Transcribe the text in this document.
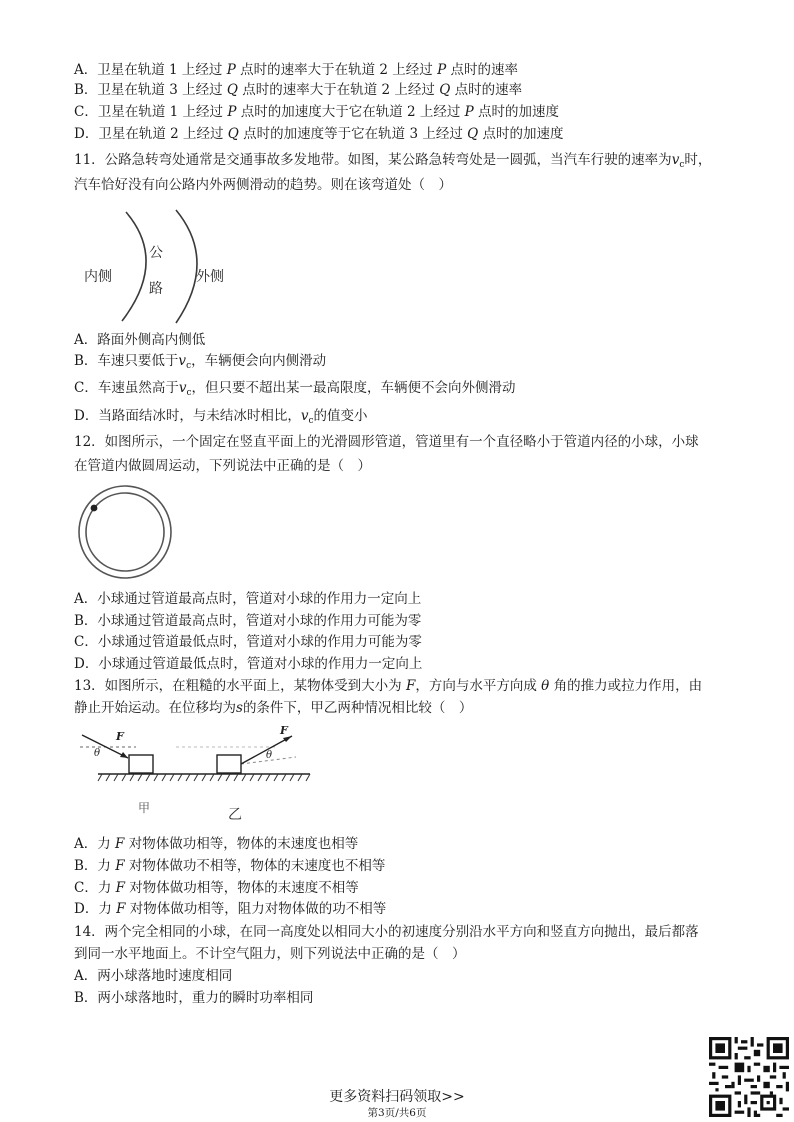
A．卫星在轨道 1 上经过 P 点时的速率大于在轨道 2 上经过 P 点时的速率
B．卫星在轨道 3 上经过 Q 点时的速率大于在轨道 2 上经过 Q 点时的速率
C．卫星在轨道 1 上经过 P 点时的加速度大于它在轨道 2 上经过 P 点时的加速度
D．卫星在轨道 2 上经过 Q 点时的加速度等于它在轨道 3 上经过 Q 点时的加速度
11．公路急转弯处通常是交通事故多发地带。如图，某公路急转弯处是一圆弧，当汽车行驶的速率为$v_c$时，
汽车恰好没有向公路内外两侧滑动的趋势。则在该弯道处（　）
内侧
公
路
外侧
A．路面外侧高内侧低
B．车速只要低于$v_c$，车辆便会向内侧滑动
C．车速虽然高于$v_c$，但只要不超出某一最高限度，车辆便不会向外侧滑动
D．当路面结冰时，与未结冰时相比，$v_c$的值变小
12．如图所示，一个固定在竖直平面上的光滑圆形管道，管道里有一个直径略小于管道内径的小球，小球
在管道内做圆周运动，下列说法中正确的是（　）
A．小球通过管道最高点时，管道对小球的作用力一定向上
B．小球通过管道最高点时，管道对小球的作用力可能为零
C．小球通过管道最低点时，管道对小球的作用力可能为零
D．小球通过管道最低点时，管道对小球的作用力一定向上
13．如图所示，在粗糙的水平面上，某物体受到大小为 F，方向与水平方向成 θ 角的推力或拉力作用，由
静止开始运动。在位移均为s的条件下，甲乙两种情况相比较（　）
F
θ
F
θ
甲	乙
A．力 F 对物体做功相等，物体的末速度也相等
B．力 F 对物体做功不相等，物体的末速度也不相等
C．力 F 对物体做功相等，物体的末速度不相等
D．力 F 对物体做功相等，阻力对物体做的功不相等
14．两个完全相同的小球，在同一高度处以相同大小的初速度分别沿水平方向和竖直方向抛出，最后都落
到同一水平地面上。不计空气阻力，则下列说法中正确的是（　）
A．两小球落地时速度相同
B．两小球落地时，重力的瞬时功率相同
更多资料扫码领取>>
第3页/共6页
